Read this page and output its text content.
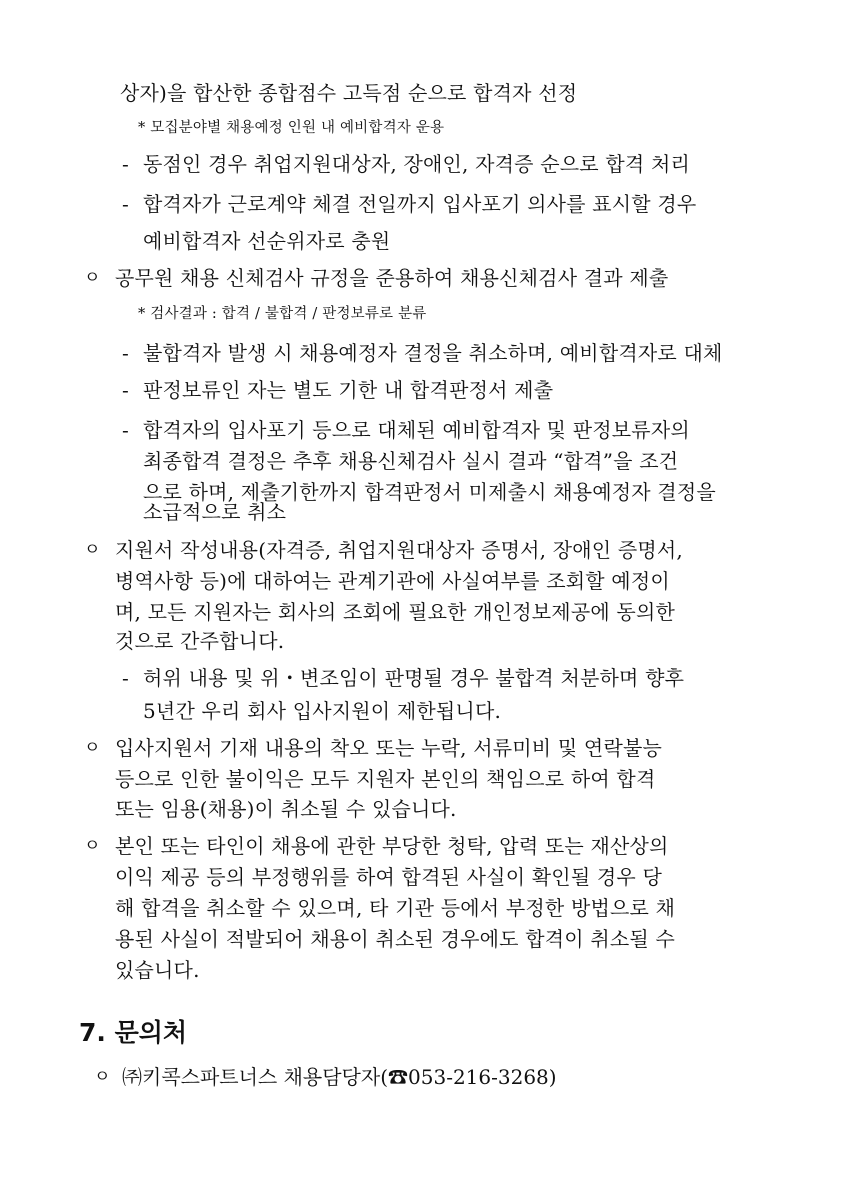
상자)을 합산한 종합점수 고득점 순으로 합격자 선정
* 모집분야별 채용예정 인원 내 예비합격자 운용
- 동점인 경우 취업지원대상자, 장애인, 자격증 순으로 합격 처리
- 합격자가 근로계약 체결 전일까지 입사포기 의사를 표시할 경우
예비합격자 선순위자로 충원
ㅇ 공무원 채용 신체검사 규정을 준용하여 채용신체검사 결과 제출
* 검사결과 : 합격 / 불합격 / 판정보류로 분류
- 불합격자 발생 시 채용예정자 결정을 취소하며, 예비합격자로 대체
- 판정보류인 자는 별도 기한 내 합격판정서 제출
- 합격자의 입사포기 등으로 대체된 예비합격자 및 판정보류자의
최종합격 결정은 추후 채용신체검사 실시 결과 “합격”을 조건
으로 하며, 제출기한까지 합격판정서 미제출시 채용예정자 결정을
소급적으로 취소
ㅇ 지원서 작성내용(자격증, 취업지원대상자 증명서, 장애인 증명서,
병역사항 등)에 대하여는 관계기관에 사실여부를 조회할 예정이
며, 모든 지원자는 회사의 조회에 필요한 개인정보제공에 동의한
것으로 간주합니다.
- 허위 내용 및 위・변조임이 판명될 경우 불합격 처분하며 향후
5년간 우리 회사 입사지원이 제한됩니다.
ㅇ 입사지원서 기재 내용의 착오 또는 누락, 서류미비 및 연락불능
등으로 인한 불이익은 모두 지원자 본인의 책임으로 하여 합격
또는 임용(채용)이 취소될 수 있습니다.
ㅇ 본인 또는 타인이 채용에 관한 부당한 청탁, 압력 또는 재산상의
이익 제공 등의 부정행위를 하여 합격된 사실이 확인될 경우 당
해 합격을 취소할 수 있으며, 타 기관 등에서 부정한 방법으로 채
용된 사실이 적발되어 채용이 취소된 경우에도 합격이 취소될 수
있습니다.
7. 문의처
ㅇ ㈜키콕스파트너스 채용담당자(☎053-216-3268)
